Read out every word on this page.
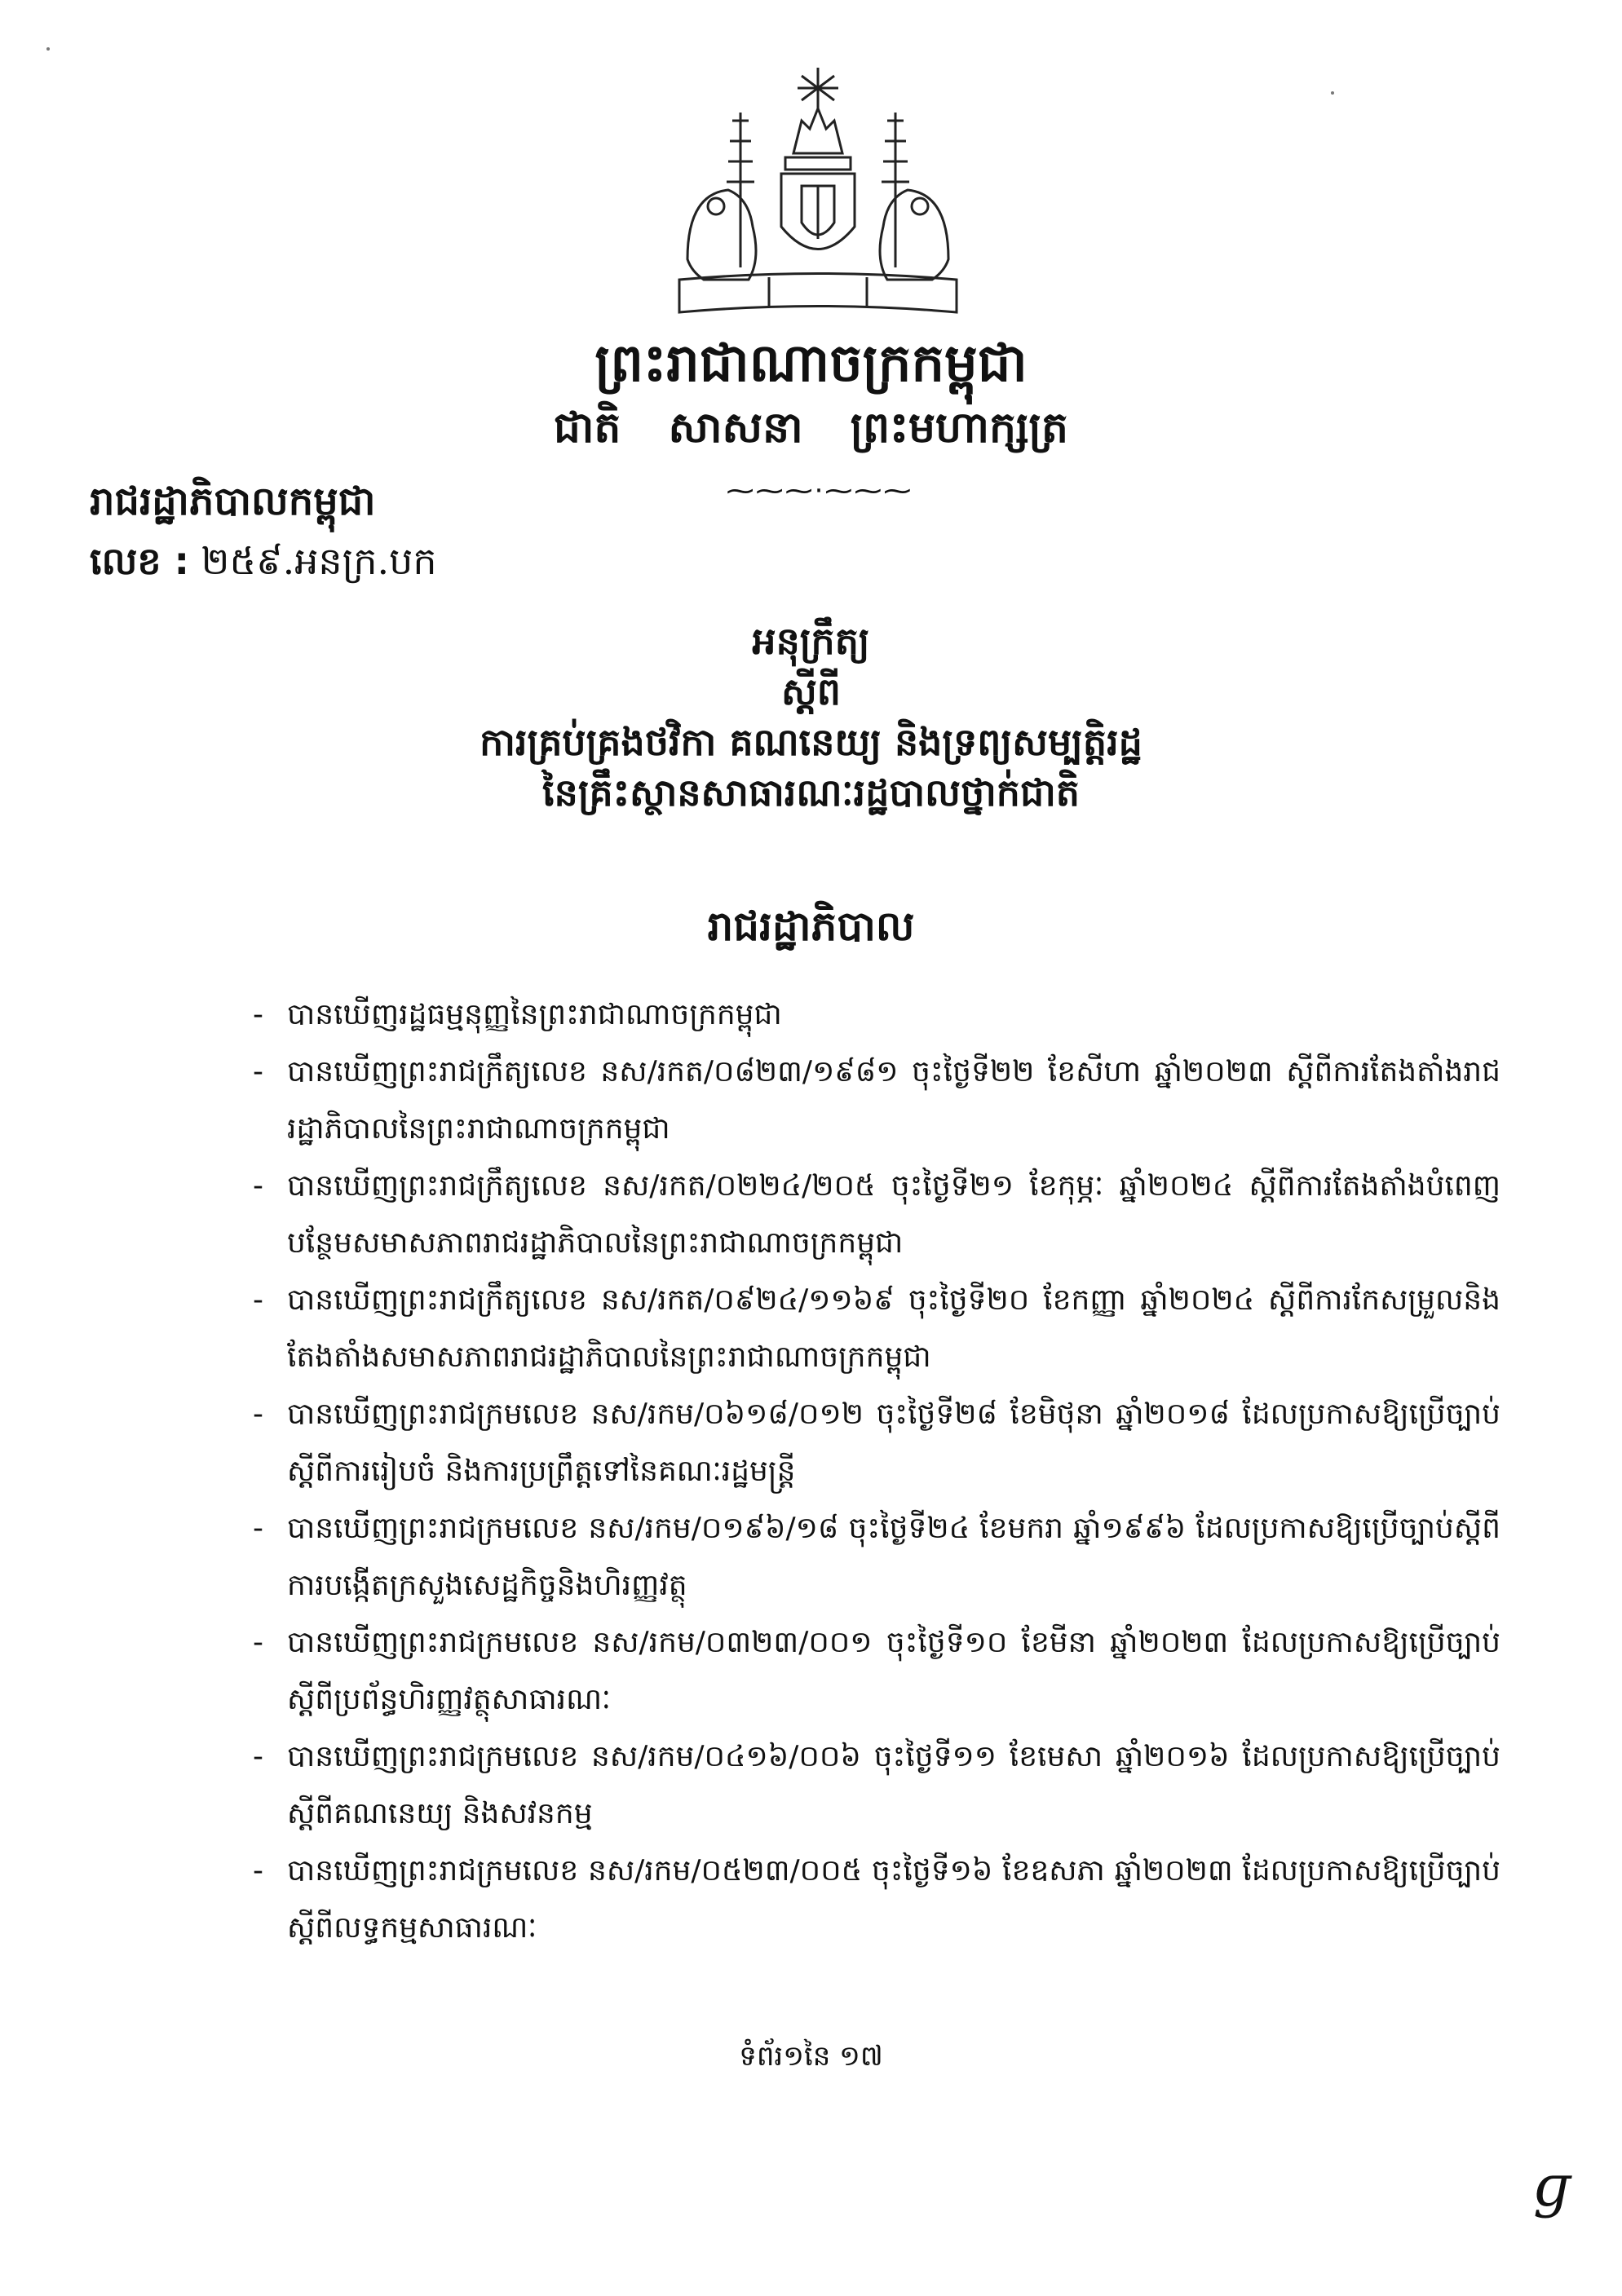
ព្រះរាជាណាចក្រកម្ពុជា
ជាតិ សាសនា ព្រះមហាក្សត្រ
⁓⁓⁓·⁓⁓⁓
រាជរដ្ឋាភិបាលកម្ពុជា
លេខ : ២៥៩.អនក្រ.បក
អនុក្រឹត្យ
ស្តីពី
ការគ្រប់គ្រងថវិកា គណនេយ្យ និងទ្រព្យសម្បត្តិរដ្ឋ
នៃគ្រឹះស្ថានសាធារណៈរដ្ឋបាលថ្នាក់ជាតិ
រាជរដ្ឋាភិបាល
- បានឃើញរដ្ឋធម្មនុញ្ញនៃព្រះរាជាណាចក្រកម្ពុជា
- បានឃើញព្រះរាជក្រឹត្យលេខ នស/រកត/០៨២៣/១៩៨១ ចុះថ្ងៃទី២២ ខែសីហា ឆ្នាំ២០២៣ ស្តីពីការតែងតាំងរាជរដ្ឋាភិបាលនៃព្រះរាជាណាចក្រកម្ពុជា
- បានឃើញព្រះរាជក្រឹត្យលេខ នស/រកត/០២២៤/២០៥ ចុះថ្ងៃទី២១ ខែកុម្ភៈ ឆ្នាំ២០២៤ ស្តីពីការតែងតាំងបំពេញបន្ថែមសមាសភាពរាជរដ្ឋាភិបាលនៃព្រះរាជាណាចក្រកម្ពុជា
- បានឃើញព្រះរាជក្រឹត្យលេខ នស/រកត/០៩២៤/១១៦៩ ចុះថ្ងៃទី២០ ខែកញ្ញា ឆ្នាំ២០២៤ ស្តីពីការកែសម្រួលនិងតែងតាំងសមាសភាពរាជរដ្ឋាភិបាលនៃព្រះរាជាណាចក្រកម្ពុជា
- បានឃើញព្រះរាជក្រមលេខ នស/រកម/០៦១៨/០១២ ចុះថ្ងៃទី២៨ ខែមិថុនា ឆ្នាំ២០១៨ ដែលប្រកាសឱ្យប្រើច្បាប់ស្តីពីការរៀបចំ និងការប្រព្រឹត្តទៅនៃគណៈរដ្ឋមន្ត្រី
- បានឃើញព្រះរាជក្រមលេខ នស/រកម/០១៩៦/១៨ ចុះថ្ងៃទី២៤ ខែមករា ឆ្នាំ១៩៩៦ ដែលប្រកាសឱ្យប្រើច្បាប់ស្តីពីការបង្កើតក្រសួងសេដ្ឋកិច្ចនិងហិរញ្ញវត្ថុ
- បានឃើញព្រះរាជក្រមលេខ នស/រកម/០៣២៣/០០១ ចុះថ្ងៃទី១០ ខែមីនា ឆ្នាំ២០២៣ ដែលប្រកាសឱ្យប្រើច្បាប់ស្តីពីប្រព័ន្ធហិរញ្ញវត្ថុសាធារណៈ
- បានឃើញព្រះរាជក្រមលេខ នស/រកម/០៤១៦/០០៦ ចុះថ្ងៃទី១១ ខែមេសា ឆ្នាំ២០១៦ ដែលប្រកាសឱ្យប្រើច្បាប់ស្តីពីគណនេយ្យ និងសវនកម្ម
- បានឃើញព្រះរាជក្រមលេខ នស/រកម/០៥២៣/០០៥ ចុះថ្ងៃទី១៦ ខែឧសភា ឆ្នាំ២០២៣ ដែលប្រកាសឱ្យប្រើច្បាប់ស្តីពីលទ្ធកម្មសាធារណៈ
ទំព័រ១នៃ ១៧
ɡ
